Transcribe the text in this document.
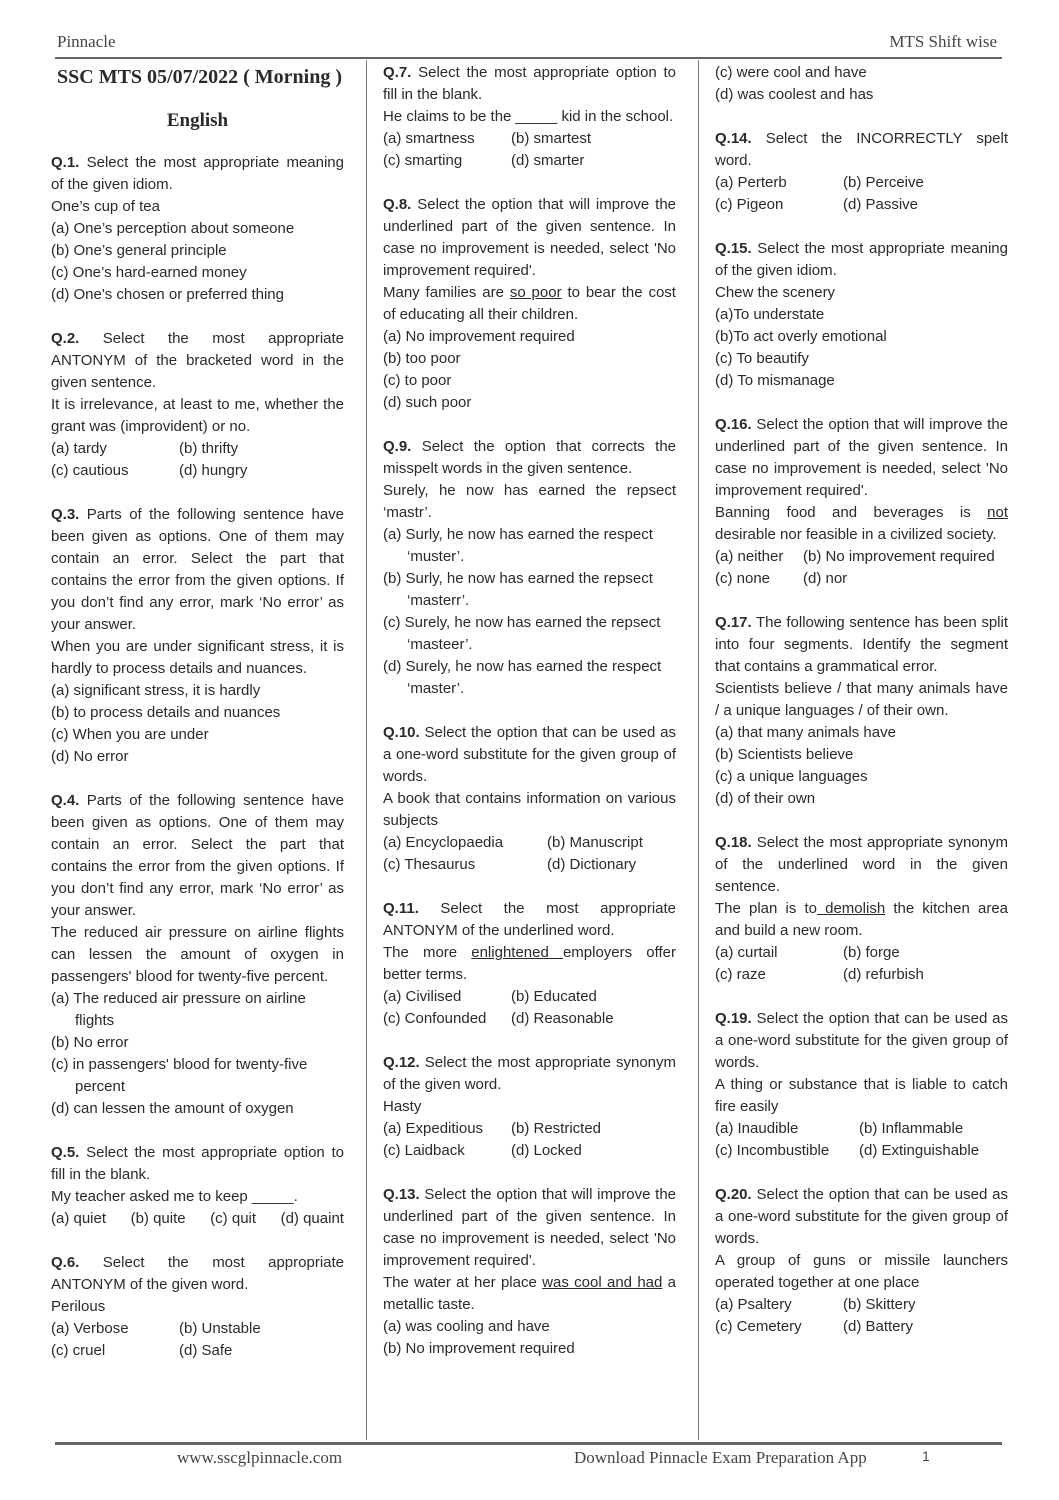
Pinnacle	MTS Shift wise
SSC MTS 05/07/2022 ( Morning )
English

Q.1. Select the most appropriate meaning of the given idiom.

One’s cup of tea

(a) One’s perception about someone
(b) One’s general principle
(c) One’s hard-earned money
(d) One's chosen or preferred thing

Q.2. Select the most appropriate ANTONYM of the bracketed word in the given sentence.

It is irrelevance, at least to me, whether the grant was (improvident) or no.

(a) tardy	(b) thrifty
(c) cautious	(d) hungry

Q.3. Parts of the following sentence have been given as options. One of them may contain an error. Select the part that contains the error from the given options. If you don’t find any error, mark ‘No error’ as your answer.

When you are under significant stress, it is hardly to process details and nuances.

(a) significant stress, it is hardly
(b) to process details and nuances
(c) When you are under
(d) No error

Q.4. Parts of the following sentence have been given as options. One of them may contain an error. Select the part that contains the error from the given options. If you don’t find any error, mark ‘No error’ as your answer.

The reduced air pressure on airline flights can lessen the amount of oxygen in passengers' blood for twenty-five percent.

(a) The reduced air pressure on airline flights
(b) No error
(c) in passengers' blood for twenty-five percent
(d) can lessen the amount of oxygen

Q.5. Select the most appropriate option to fill in the blank.

My teacher asked me to keep _____.

(a) quiet (b) quite (c) quit (d) quaint

Q.6. Select the most appropriate ANTONYM of the given word.

Perilous

(a) Verbose	(b) Unstable
(c) cruel	(d) Safe

Q.7. Select the most appropriate option to fill in the blank.

He claims to be the _____ kid in the school.

(a) smartness	(b) smartest
(c) smarting	(d) smarter

Q.8. Select the option that will improve the underlined part of the given sentence. In case no improvement is needed, select 'No improvement required'.

Many families are so poor to bear the cost of educating all their children.

(a) No improvement required
(b) too poor
(c) to poor
(d) such poor

Q.9. Select the option that corrects the misspelt words in the given sentence.

Surely, he now has earned the repsect ‘mastr’.

(a) Surly, he now has earned the respect ‘muster’.
(b) Surly, he now has earned the repsect ‘masterr’.
(c) Surely, he now has earned the repsect ‘masteer’.
(d) Surely, he now has earned the respect ‘master’.

Q.10. Select the option that can be used as a one-word substitute for the given group of words.

A book that contains information on various subjects

(a) Encyclopaedia	(b) Manuscript
(c) Thesaurus	(d) Dictionary

Q.11. Select the most appropriate ANTONYM of the underlined word.

The more enlightened employers offer better terms.

(a) Civilised	(b) Educated
(c) Confounded	(d) Reasonable

Q.12. Select the most appropriate synonym of the given word.

Hasty

(a) Expeditious	(b) Restricted
(c) Laidback	(d) Locked

Q.13. Select the option that will improve the underlined part of the given sentence. In case no improvement is needed, select 'No improvement required'.

The water at her place was cool and had a metallic taste.

(a) was cooling and have
(b) No improvement required
(c) were cool and have
(d) was coolest and has

Q.14. Select the INCORRECTLY spelt word.

(a) Perterb	(b) Perceive
(c) Pigeon	(d) Passive

Q.15. Select the most appropriate meaning of the given idiom.

Chew the scenery

(a)To understate
(b)To act overly emotional
(c) To beautify
(d) To mismanage

Q.16. Select the option that will improve the underlined part of the given sentence. In case no improvement is needed, select 'No improvement required'.

Banning food and beverages is not desirable nor feasible in a civilized society.

(a) neither	(b) No improvement required
(c) none	(d) nor

Q.17. The following sentence has been split into four segments. Identify the segment that contains a grammatical error.

Scientists believe / that many animals have / a unique languages / of their own.

(a) that many animals have
(b) Scientists believe
(c) a unique languages
(d) of their own

Q.18. Select the most appropriate synonym of the underlined word in the given sentence.

The plan is to demolish the kitchen area and build a new room.

(a) curtail	(b) forge
(c) raze	(d) refurbish

Q.19. Select the option that can be used as a one-word substitute for the given group of words.

A thing or substance that is liable to catch fire easily

(a) Inaudible	(b) Inflammable
(c) Incombustible	(d) Extinguishable

Q.20. Select the option that can be used as a one-word substitute for the given group of words.

A group of guns or missile launchers operated together at one place

(a) Psaltery	(b) Skittery
(c) Cemetery	(d) Battery
www.sscglpinnacle.com	Download Pinnacle Exam Preparation App	1
